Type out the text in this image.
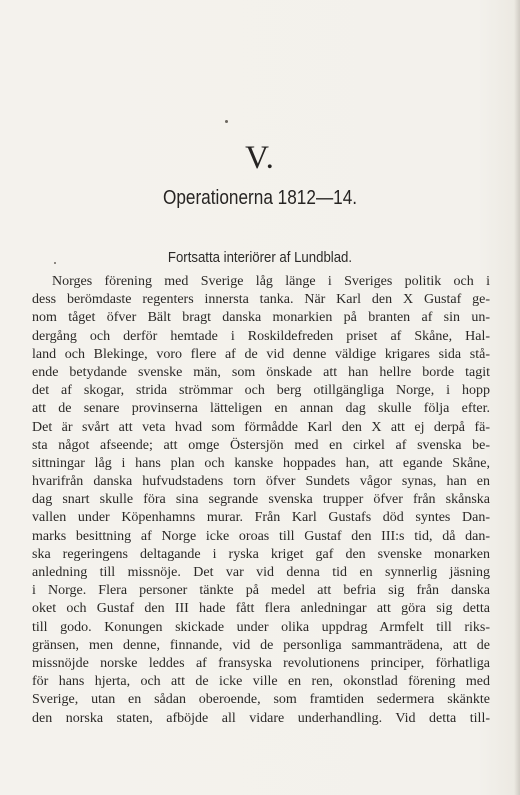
V.
Operationerna 1812—14.
Fortsatta interiörer af Lundblad.
Norges förening med Sverige låg länge i Sveriges politik och i
dess berömdaste regenters innersta tanka. När Karl den X Gustaf ge-
nom tåget öfver Bält bragt danska monarkien på branten af sin un-
dergång och derför hemtade i Roskildefreden priset af Skåne, Hal-
land och Blekinge, voro flere af de vid denne väldige krigares sida stå-
ende betydande svenske män, som önskade att han hellre borde tagit
det af skogar, strida strömmar och berg otillgängliga Norge, i hopp
att de senare provinserna lätteligen en annan dag skulle följa efter.
Det är svårt att veta hvad som förmådde Karl den X att ej derpå fä-
sta något afseende; att omge Östersjön med en cirkel af svenska be-
sittningar låg i hans plan och kanske hoppades han, att egande Skåne,
hvarifrån danska hufvudstadens torn öfver Sundets vågor synas, han en
dag snart skulle föra sina segrande svenska trupper öfver från skånska
vallen under Köpenhamns murar. Från Karl Gustafs död syntes Dan-
marks besittning af Norge icke oroas till Gustaf den III:s tid, då dan-
ska regeringens deltagande i ryska kriget gaf den svenske monarken
anledning till missnöje. Det var vid denna tid en synnerlig jäsning
i Norge. Flera personer tänkte på medel att befria sig från danska
oket och Gustaf den III hade fått flera anledningar att göra sig detta
till godo. Konungen skickade under olika uppdrag Armfelt till riks-
gränsen, men denne, finnande, vid de personliga sammanträdena, att de
missnöjde norske leddes af fransyska revolutionens principer, förhatliga
för hans hjerta, och att de icke ville en ren, okonstlad förening med
Sverige, utan en sådan oberoende, som framtiden sedermera skänkte
den norska staten, afböjde all vidare underhandling. Vid detta till-
